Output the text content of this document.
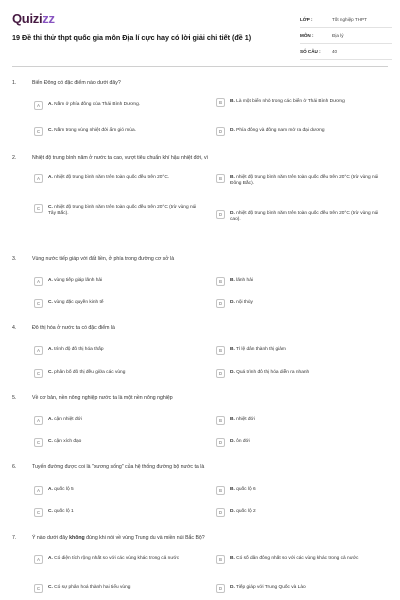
Quizizz
19 Đề thi thử thpt quốc gia môn Địa lí cực hay có lời giải chi tiết (đề 1)
LỚP :	Tốt nghiệp THPT
MÔN :	Địa lý
SỐ CÂU :	40
1.	Biển Đông có đặc điểm nào dưới đây?
A	A. Nằm ở phía đông của Thái Bình Dương.	B	B. Là một biển nhỏ trong các biển ở Thái Bình Dương
C	C. Nằm trong vùng nhiệt đới ẩm gió mùa.	D	D. Phía đông và đông nam mở ra đại dương
2.	Nhiệt độ trung bình năm ở nước ta cao, vượt tiêu chuẩn khí hậu nhiệt đới, vì
A	A. nhiệt độ trung bình năm trên toàn quốc đều trên 20°C.	B	B. nhiệt độ trung bình năm trên toàn quốc đều trên 20°C (trừ vùng núi Đông Bắc).
C	C. nhiệt độ trung bình năm trên toàn quốc đều trên 20°C (trừ vùng núi Tây Bắc).	D	D. nhiệt độ trung bình năm trên toàn quốc đều trên 20°C (trừ vùng núi cao).
3.	Vùng nước tiếp giáp với đất liền, ở phía trong đường cơ sở là
A	A. vùng tiếp giáp lãnh hải	B	B. lãnh hải
C	C. vùng đặc quyền kinh tế	D	D. nội thủy
4.	Đô thị hóa ở nước ta có đặc điểm là
A	A. trình độ đô thị hóa thấp	B	B. Tỉ lệ dân thành thị giảm
C	C. phân bố đô thị đều giữa các vùng	D	D. Quá trình đô thị hóa diễn ra nhanh
5.	Về cơ bản, nền nông nghiệp nước ta là một nền nông nghiệp
A	A. cận nhiệt đới	B	B. nhiệt đới
C	C. cận xích đạo	D	D. ôn đới
6.	Tuyến đường được coi là "xương sống" của hệ thống đường bộ nước ta là
A	A. quốc lộ 5	B	B. quốc lộ 6
C	C. quốc lộ 1	D	D. quốc lộ 2
7.	Ý nào dưới đây không đúng khi nói về vùng Trung du và miền núi Bắc Bộ?
A	A. Có diện tích rộng nhất so với các vùng khác trong cả nước	B	B. Có số dân đông nhất so với các vùng khác trong cả nước
C	C. Có sự phân hoá thành hai tiểu vùng	D	D. Tiếp giáp với Trung Quốc và Lào
